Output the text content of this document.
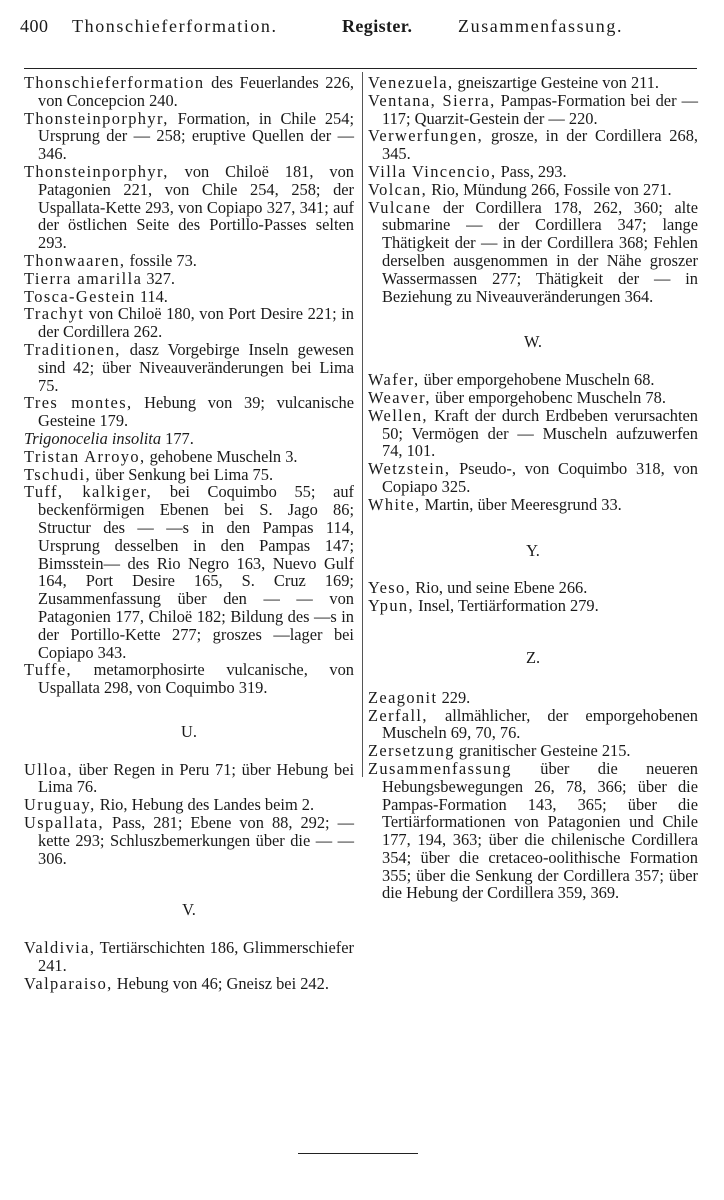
400 Thonschieferformation.	Register.	Zusammenfassung.

Thonschieferformation des Feuerlandes 226, von Concepcion 240.

Thonsteinporphyr, Formation, in Chile 254; Ursprung der — 258; eruptive Quellen der — 346.

Thonsteinporphyr, von Chiloë 181, von Patagonien 221, von Chile 254, 258; der Uspallata-Kette 293, von Copiapo 327, 341; auf der östlichen Seite des Portillo-Passes selten 293.

Thonwaaren, fossile 73.

Tierra amarilla 327.

Tosca-Gestein 114.

Trachyt von Chiloë 180, von Port Desire 221; in der Cordillera 262.

Traditionen, dasz Vorgebirge Inseln gewesen sind 42; über Niveauveränderungen bei Lima 75.

Tres montes, Hebung von 39; vulcanische Gesteine 179.

Trigonocelia insolita 177.

Tristan Arroyo, gehobene Muscheln 3.

Tschudi, über Senkung bei Lima 75.

Tuff, kalkiger, bei Coquimbo 55; auf beckenförmigen Ebenen bei S. Jago 86; Structur des — —s in den Pampas 114, Ursprung desselben in den Pampas 147; Bimsstein— des Rio Negro 163, Nuevo Gulf 164, Port Desire 165, S. Cruz 169; Zusammenfassung über den — — von Patagonien 177, Chiloë 182; Bildung des —s in der Portillo-Kette 277; groszes —lager bei Copiapo 343.

Tuffe, metamorphosirte vulcanische, von Uspallata 298, von Coquimbo 319.

U.

Ulloa, über Regen in Peru 71; über Hebung bei Lima 76.

Uruguay, Rio, Hebung des Landes beim 2.

Uspallata, Pass, 281; Ebene von 88, 292; —kette 293; Schluszbemerkungen über die — — 306.

V.

Valdivia, Tertiärschichten 186, Glimmerschiefer 241.

Valparaiso, Hebung von 46; Gneisz bei 242.

Venezuela, gneiszartige Gesteine von 211.

Ventana, Sierra, Pampas-Formation bei der — 117; Quarzit-Gestein der — 220.

Verwerfungen, grosze, in der Cordillera 268, 345.

Villa Vincencio, Pass, 293.

Volcan, Rio, Mündung 266, Fossile von 271.

Vulcane der Cordillera 178, 262, 360; alte submarine — der Cordillera 347; lange Thätigkeit der — in der Cordillera 368; Fehlen derselben ausgenommen in der Nähe groszer Wassermassen 277; Thätigkeit der — in Beziehung zu Niveauveränderungen 364.

W.

Wafer, über emporgehobene Muscheln 68.

Weaver, über emporgehobenc Muscheln 78.

Wellen, Kraft der durch Erdbeben verursachten 50; Vermögen der — Muscheln aufzuwerfen 74, 101.

Wetzstein, Pseudo-, von Coquimbo 318, von Copiapo 325.

White, Martin, über Meeresgrund 33.

Y.

Yeso, Rio, und seine Ebene 266.

Ypun, Insel, Tertiärformation 279.

Z.

Zeagonit 229.

Zerfall, allmählicher, der emporgehobenen Muscheln 69, 70, 76.

Zersetzung granitischer Gesteine 215.

Zusammenfassung über die neueren Hebungsbewegungen 26, 78, 366; über die Pampas-Formation 143, 365; über die Tertiärformationen von Patagonien und Chile 177, 194, 363; über die chilenische Cordillera 354; über die cretaceo-oolithische Formation 355; über die Senkung der Cordillera 357; über die Hebung der Cordillera 359, 369.
